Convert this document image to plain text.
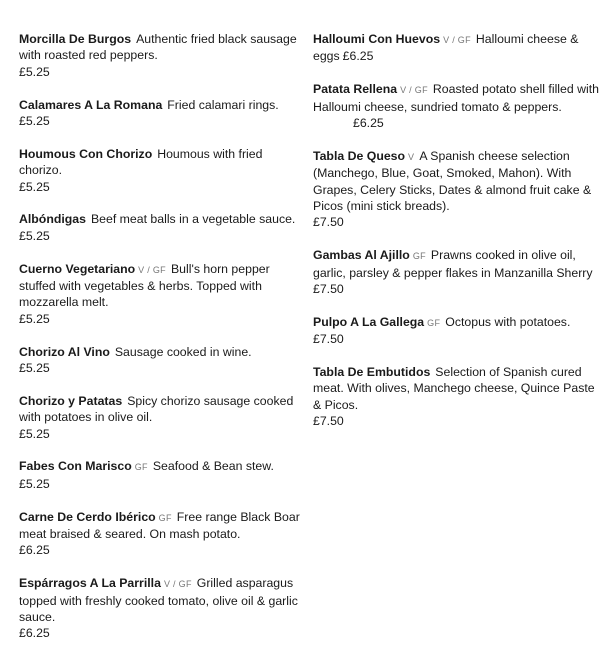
Morcilla De Burgos Authentic fried black sausage with roasted red peppers.
£5.25
Calamares A La Romana Fried calamari rings.
£5.25
Houmous Con Chorizo Houmous with fried chorizo.
£5.25
Albóndigas Beef meat balls in a vegetable sauce.
£5.25
Cuerno Vegetariano V / GF Bull's horn pepper stuffed with vegetables & herbs. Topped with mozzarella melt.
£5.25
Chorizo Al Vino Sausage cooked in wine.
£5.25
Chorizo y Patatas Spicy chorizo sausage cooked with potatoes in olive oil.
£5.25
Fabes Con Marisco GF Seafood & Bean stew.
£5.25
Carne De Cerdo Ibérico GF Free range Black Boar meat braised & seared. On mash potato.
£6.25
Espárragos A La Parrilla V / GF Grilled asparagus topped with freshly cooked tomato, olive oil & garlic sauce.
£6.25
Halloumi Con Huevos V / GF Halloumi cheese & eggs £6.25
Patata Rellena V / GF Roasted potato shell filled with Halloumi cheese, sundried tomato & peppers.
£6.25
Tabla De Queso V A Spanish cheese selection (Manchego, Blue, Goat, Smoked, Mahon). With Grapes, Celery Sticks, Dates & almond fruit cake & Picos (mini stick breads).
£7.50
Gambas Al Ajillo GF Prawns cooked in olive oil, garlic, parsley & pepper flakes in Manzanilla Sherry
£7.50
Pulpo A La Gallega GF Octopus with potatoes.
£7.50
Tabla De Embutidos Selection of Spanish cured meat. With olives, Manchego cheese, Quince Paste & Picos.
£7.50
